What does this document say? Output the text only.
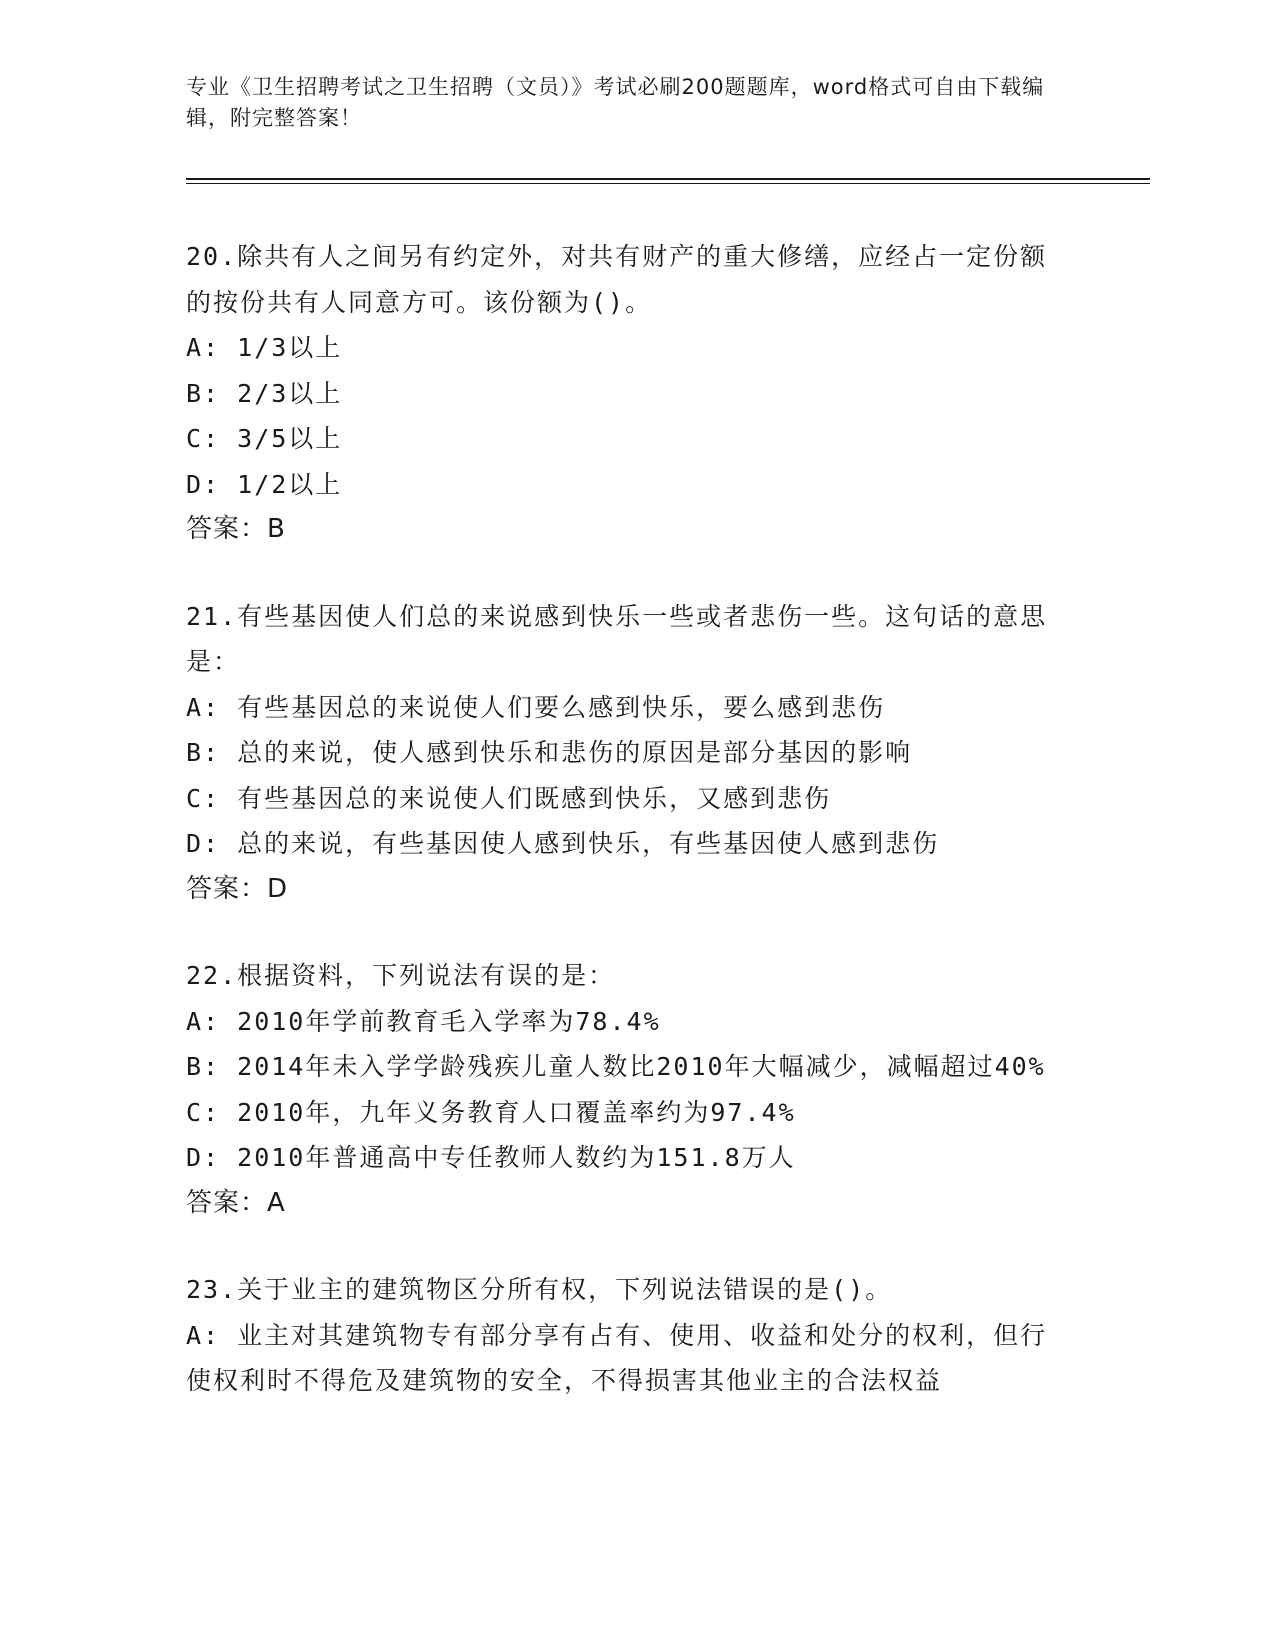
专业《卫生招聘考试之卫生招聘（文员）》考试必刷200题题库，word格式可自由下载编辑，附完整答案！

20.除共有人之间另有约定外，对共有财产的重大修缮，应经占一定份额的按份共有人同意方可。该份额为()。

A: 1/3以上

B: 2/3以上

C: 3/5以上

D: 1/2以上

答案：B

21.有些基因使人们总的来说感到快乐一些或者悲伤一些。这句话的意思是：

A: 有些基因总的来说使人们要么感到快乐，要么感到悲伤

B: 总的来说，使人感到快乐和悲伤的原因是部分基因的影响

C: 有些基因总的来说使人们既感到快乐，又感到悲伤

D: 总的来说，有些基因使人感到快乐，有些基因使人感到悲伤

答案：D

22.根据资料，下列说法有误的是：

A: 2010年学前教育毛入学率为78.4%

B: 2014年未入学学龄残疾儿童人数比2010年大幅减少，减幅超过40%

C: 2010年，九年义务教育人口覆盖率约为97.4%

D: 2010年普通高中专任教师人数约为151.8万人

答案：A

23.关于业主的建筑物区分所有权，下列说法错误的是()。

A: 业主对其建筑物专有部分享有占有、使用、收益和处分的权利，但行使权利时不得危及建筑物的安全，不得损害其他业主的合法权益
